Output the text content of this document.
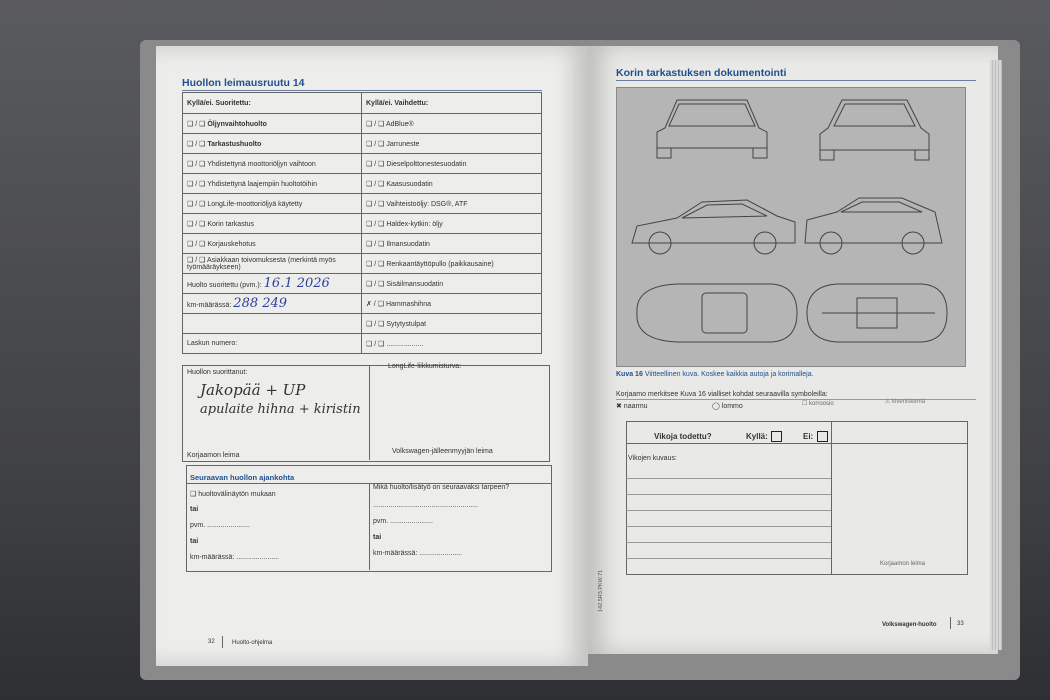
Huollon leimausruutu 14
Kyllä/ei. Suoritettu:	Kyllä/ei. Vaihdettu:
❑ / ❑ Öljynvaihtohuolto	❑ / ❑ AdBlue®
❑ / ❑ Tarkastushuolto	❑ / ❑ Jarruneste
❑ / ❑ Yhdistettynä moottoriöljyn vaihtoon	❑ / ❑ Dieselpolttonestesuodatin
❑ / ❑ Yhdistettynä laajempiin huoltotöihin	❑ / ❑ Kaasusuodatin
❑ / ❑ LongLife-moottoriöljyä käytetty	❑ / ❑ Vaihteistoöljy: DSG®, ATF
❑ / ❑ Korin tarkastus	❑ / ❑ Haldex-kytkin: öljy
❑ / ❑ Korjauskehotus	❑ / ❑ Ilmansuodatin
❑ / ❑ Asiakkaan toivomuksesta (merkintä myös työmääräykseen)	❑ / ❑ Renkaantäyttöpullo (paikkausaine)
Huolto suoritettu (pvm.): 16.1 2026	❑ / ❑ Sisäilmansuodatin
km-määrässä: 288 249	✗ / ❑ Hammashihna
	❑ / ❑ Sytytystulpat
Laskun numero:	❑ / ❑ ...................
Huollon suorittanut:
Jakopää + UP
apulaite hihna + kiristin
LongLife-liikkumisturva:
Korjaamon leima
Volkswagen-jälleenmyyjän leima
Seuraavan huollon ajankohta
❑ huoltovälinäytön mukaan
Mikä huolto/lisätyö on seuraavaksi tarpeen?
tai
......................................................
pvm. ......................
pvm. ......................
tai
tai
km-määrässä: ......................
km-määrässä: ......................
32	Huolto-ohjelma
Korin tarkastuksen dokumentointi
Kuva 16 Viitteellinen kuva. Koskee kaikkia autoja ja korimalleja.
Korjaamo merkitsee Kuva 16 vialliset kohdat seuraavilla symboleilla:
✖ naarmu	◯ lommo	☐ korroosio	⚠ kiveniskemä
Vikoja todettu?	Kyllä:	Ei:
Vikojen kuvaus:
Korjaamon leima
142.5R3.PKW.71
Volkswagen-huolto	33
